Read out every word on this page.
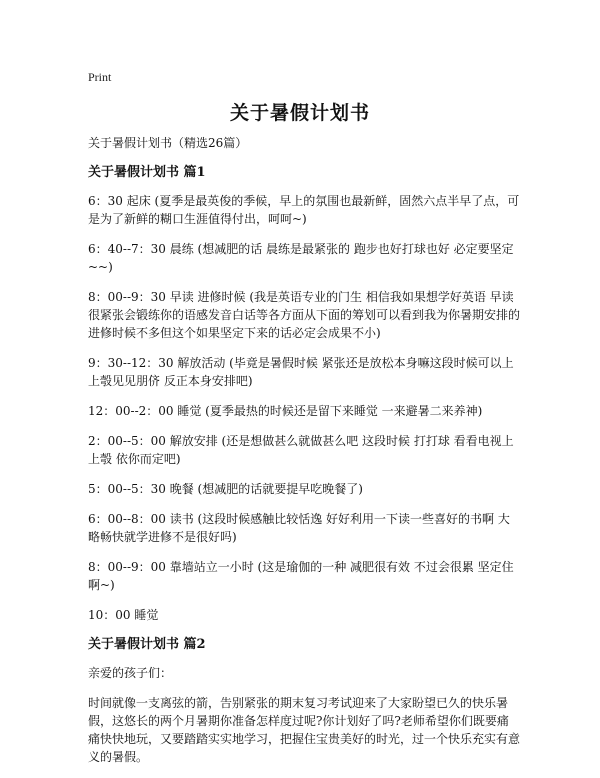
Print
关于暑假计划书

关于暑假计划书（精选26篇）

关于暑假计划书 篇1

6：30 起床 (夏季是最英俊的季候，早上的氛围也最新鲜，固然六点半早了点，可是为了新鲜的糊口生涯值得付出，呵呵~)

6：40--7：30 晨练 (想减肥的话 晨练是最紧张的 跑步也好打球也好 必定要坚定~~)

8：00--9：30 早读 进修时候 (我是英语专业的门生 相信我如果想学好英语 早读很紧张会锻练你的语感发音白话等各方面从下面的筹划可以看到我为你暑期安排的进修时候不多但这个如果坚定下来的话必定会成果不小)

9：30--12：30 解放活动 (毕竟是暑假时候 紧张还是放松本身嘛这段时候可以上上彀见见朋侪 反正本身安排吧)

12：00--2：00 睡觉 (夏季最热的时候还是留下来睡觉 一来避暑二来养神)

2：00--5：00 解放安排 (还是想做甚么就做甚么吧 这段时候 打打球 看看电视上上彀 依你而定吧)

5：00--5：30 晚餐 (想减肥的话就要提早吃晚餐了)

6：00--8：00 读书 (这段时候感触比较恬逸 好好利用一下读一些喜好的书啊 大略畅快就学进修不是很好吗)

8：00--9：00 靠墙站立一小时 (这是瑜伽的一种 减肥很有效 不过会很累 坚定住啊~)

10：00 睡觉

关于暑假计划书 篇2

亲爱的孩子们：

时间就像一支离弦的箭，告别紧张的期末复习考试迎来了大家盼望已久的快乐暑假，这悠长的两个月暑期你准备怎样度过呢?你计划好了吗?老师希望你们既要痛痛快快地玩，又要踏踏实实地学习，把握住宝贵美好的时光，过一个快乐充实有意义的暑假。
